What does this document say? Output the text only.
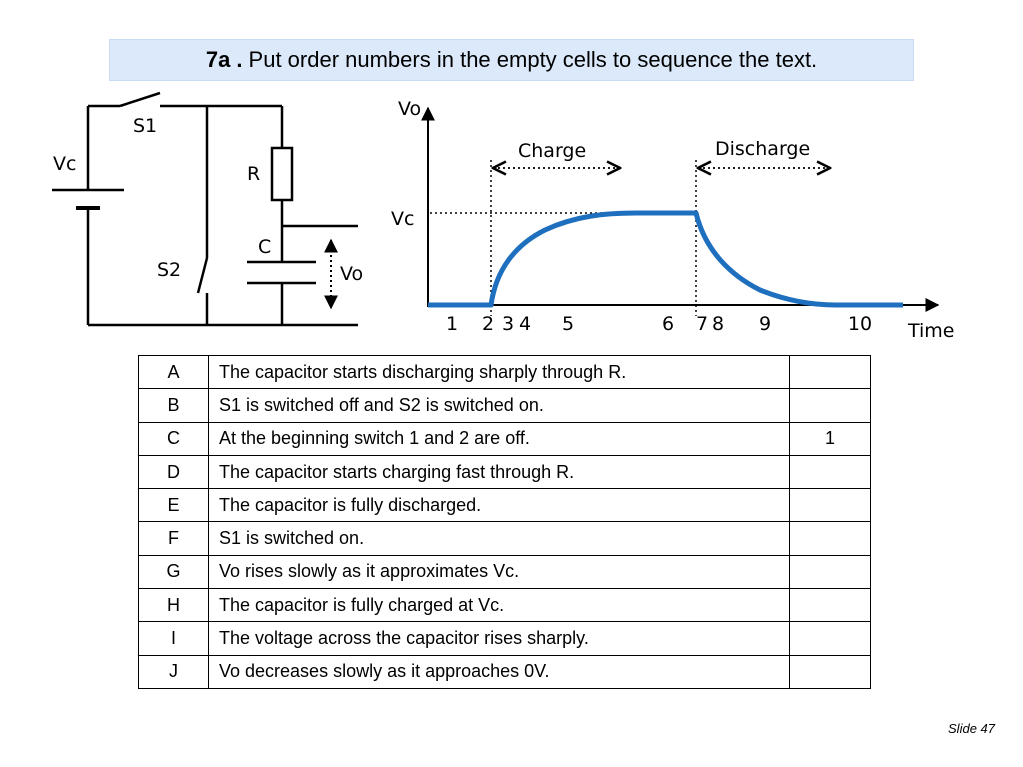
7a . Put order numbers in the empty cells to sequence the text.
S1
Vc	R
C
S2	Vo
Vo
Vc
Charge	Discharge
Time
1 2 3 4 5	6 7 8 9	10
A	The capacitor starts discharging sharply through R.	
B	S1 is switched off and S2 is switched on.	
C	At the beginning switch 1 and 2 are off.	1
D	The capacitor starts charging fast through R.	
E	The capacitor is fully discharged.	
F	S1 is switched on.	
G	Vo rises slowly as it approximates Vc.	
H	The capacitor is fully charged at Vc.	
I	The voltage across the capacitor rises sharply.	
J	Vo decreases slowly as it approaches 0V.	
Slide 47
